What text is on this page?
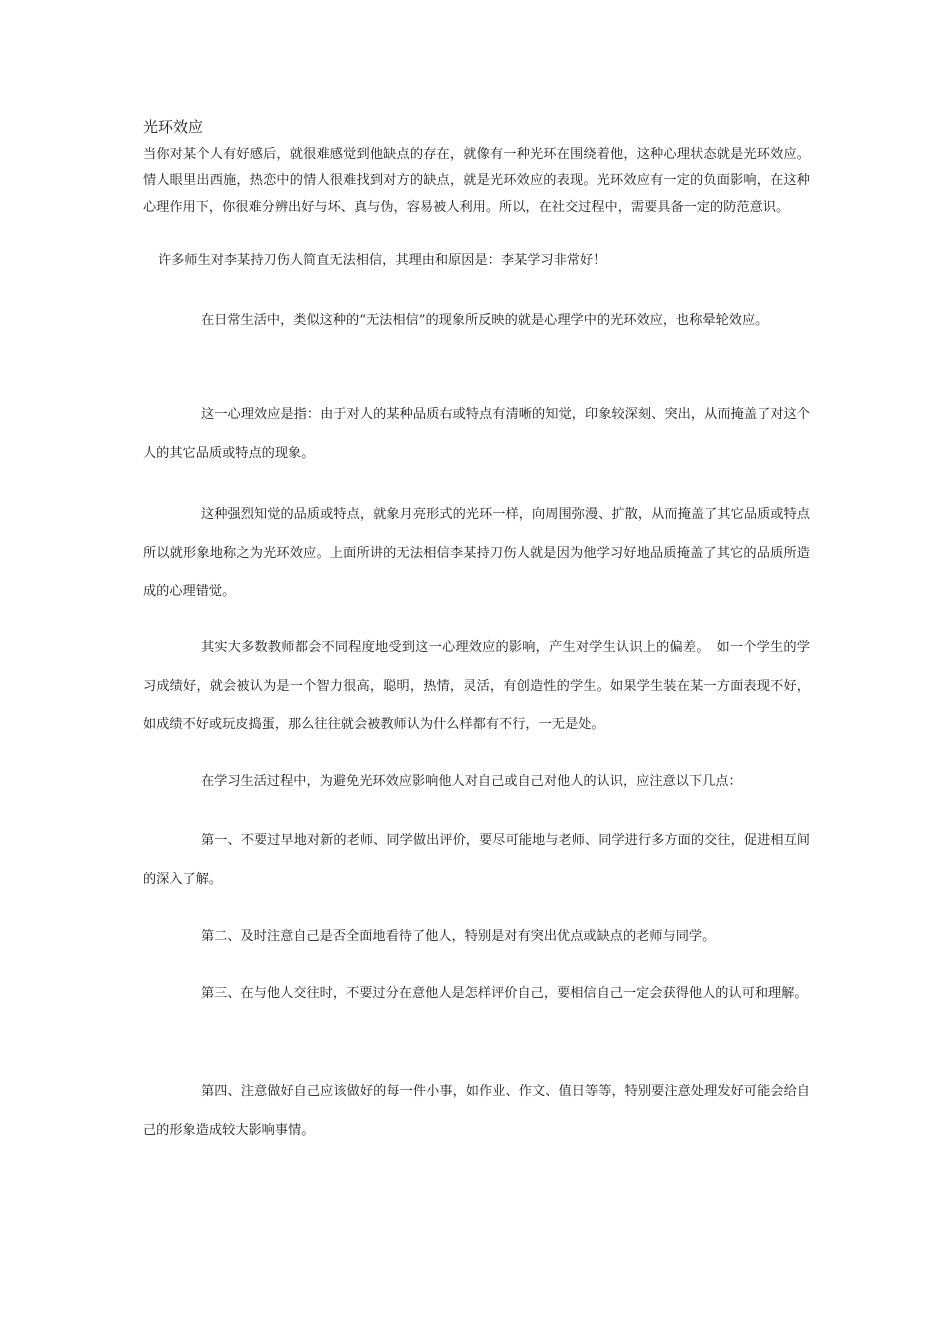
光环效应
当你对某个人有好感后，就很难感觉到他缺点的存在，就像有一种光环在围绕着他，这种心理状态就是光环效应。情人眼里出西施，热恋中的情人很难找到对方的缺点，就是光环效应的表现。光环效应有一定的负面影响，在这种心理作用下，你很难分辨出好与坏、真与伪，容易被人利用。所以，在社交过程中，需要具备一定的防范意识。
许多师生对李某持刀伤人简直无法相信，其理由和原因是：李某学习非常好！
在日常生活中，类似这种的“无法相信”的现象所反映的就是心理学中的光环效应，也称晕轮效应。
这一心理效应是指：由于对人的某种品质右或特点有清晰的知觉，印象较深刻、突出，从而掩盖了对这个人的其它品质或特点的现象。
这种强烈知觉的品质或特点，就象月亮形式的光环一样，向周围弥漫、扩散，从而掩盖了其它品质或特点所以就形象地称之为光环效应。上面所讲的无法相信李某持刀伤人就是因为他学习好地品质掩盖了其它的品质所造成的心理错觉。
其实大多数教师都会不同程度地受到这一心理效应的影响，产生对学生认识上的偏差。　如一个学生的学习成绩好，就会被认为是一个智力很高，聪明，热情，灵活，有创造性的学生。如果学生装在某一方面表现不好，如成绩不好或玩皮捣蛋，那么往往就会被教师认为什么样都有不行，一无是处。
在学习生活过程中，为避免光环效应影响他人对自己或自己对他人的认识，应注意以下几点：
第一、不要过早地对新的老师、同学做出评价，要尽可能地与老师、同学进行多方面的交往，促进相互间的深入了解。
第二、及时注意自己是否全面地看待了他人，特别是对有突出优点或缺点的老师与同学。
第三、在与他人交往时，不要过分在意他人是怎样评价自己，要相信自己一定会获得他人的认可和理解。
第四、注意做好自己应该做好的每一件小事，如作业、作文、值日等等，特别要注意处理发好可能会给自己的形象造成较大影响事情。
